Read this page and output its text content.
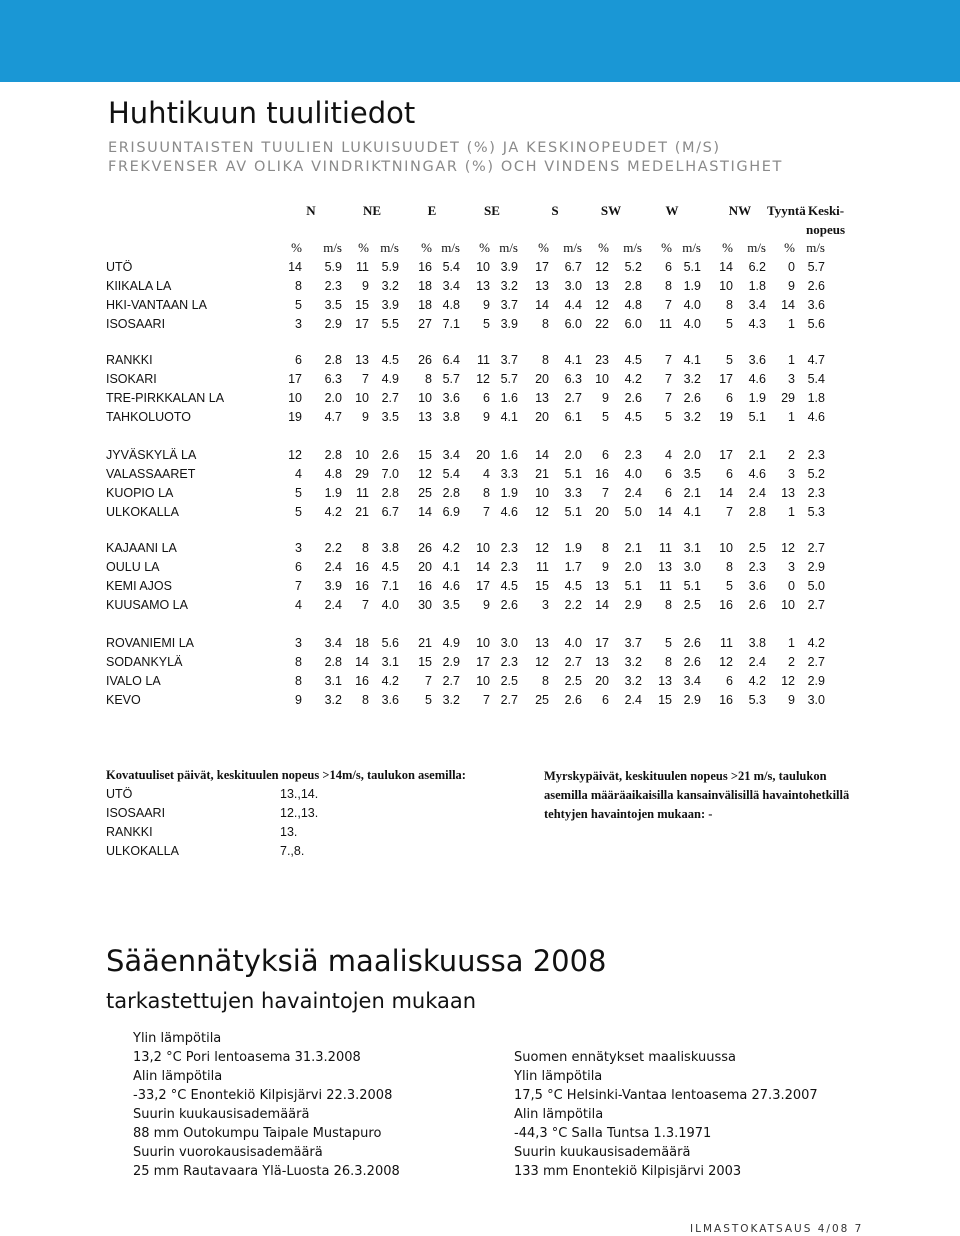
Huhtikuun tuulitiedot
ERISUUNTAISTEN TUULIEN LUKUISUUDET (%) JA KESKINOPEUDET (M/S)
FREKVENSER AV OLIKA VINDRIKTNINGAR (%) OCH VINDENS MEDELHASTIGHET
N	NE	E	SE	S	SW	W	NW Tyyntä Keski-
nopeus
%	m/s	% m/s	% m/s	% m/s	%	m/s	%	m/s	% m/s	%	m/s	% m/s
UTÖ	14	5.9	11	5.9	16 5.4	10 3.9	17	6.7	12	5.2	6 5.1	14	6.2	0	5.7
KIIKALA LA	8	2.3	9	3.2	18 3.4	13 3.2	13	3.0	13	2.8	8 1.9	10	1.8	9	2.6
HKI-VANTAAN LA	5	3.5	15	3.9	18 4.8	9 3.7	14	4.4	12	4.8	7 4.0	8	3.4	14	3.6
ISOSAARI	3	2.9	17	5.5	27 7.1	5 3.9	8	6.0	22	6.0	11 4.0	5	4.3	1	5.6
RANKKI	6	2.8	13	4.5	26 6.4	11 3.7	8	4.1	23	4.5	7 4.1	5	3.6	1	4.7
ISOKARI	17	6.3	7	4.9	8 5.7	12 5.7	20	6.3	10	4.2	7 3.2	17	4.6	3	5.4
TRE-PIRKKALAN LA	10	2.0	10	2.7	10 3.6	6 1.6	13	2.7	9	2.6	7 2.6	6	1.9	29	1.8
TAHKOLUOTO	19	4.7	9	3.5	13 3.8	9 4.1	20	6.1	5	4.5	5 3.2	19	5.1	1	4.6
JYVÄSKYLÄ LA	12	2.8	10	2.6	15 3.4	20 1.6	14	2.0	6	2.3	4 2.0	17	2.1	2	2.3
VALASSAARET	4	4.8	29	7.0	12 5.4	4 3.3	21	5.1	16	4.0	6 3.5	6	4.6	3	5.2
KUOPIO LA	5	1.9	11	2.8	25 2.8	8 1.9	10	3.3	7	2.4	6 2.1	14	2.4	13	2.3
ULKOKALLA	5	4.2	21	6.7	14 6.9	7 4.6	12	5.1	20	5.0	14 4.1	7	2.8	1	5.3
KAJAANI LA	3	2.2	8	3.8	26 4.2	10 2.3	12	1.9	8	2.1	11 3.1	10	2.5	12	2.7
OULU LA	6	2.4	16	4.5	20 4.1	14 2.3	11	1.7	9	2.0	13 3.0	8	2.3	3	2.9
KEMI AJOS	7	3.9	16	7.1	16 4.6	17 4.5	15	4.5	13	5.1	11 5.1	5	3.6	0	5.0
KUUSAMO LA	4	2.4	7	4.0	30 3.5	9 2.6	3	2.2	14	2.9	8 2.5	16	2.6	10	2.7
ROVANIEMI LA	3	3.4	18	5.6	21 4.9	10 3.0	13	4.0	17	3.7	5 2.6	11	3.8	1	4.2
SODANKYLÄ	8	2.8	14	3.1	15 2.9	17 2.3	12	2.7	13	3.2	8 2.6	12	2.4	2	2.7
IVALO LA	8	3.1	16	4.2	7 2.7	10 2.5	8	2.5	20	3.2	13 3.4	6	4.2	12	2.9
KEVO	9	3.2	8	3.6	5 3.2	7 2.7	25	2.6	6	2.4	15 2.9	16	5.3	9	3.0
Kovatuuliset päivät, keskituulen nopeus >14m/s, taulukon asemilla:
UTÖ	13.,14.
ISOSAARI	12.,13.
RANKKI	13.
ULKOKALLA	7.,8.
Myrskypäivät, keskituulen nopeus >21 m/s, taulukon
asemilla määräaikaisilla kansainvälisillä havaintohetkillä
tehtyjen havaintojen mukaan: -
Sääennätyksiä maaliskuussa 2008
tarkastettujen havaintojen mukaan
Ylin lämpötila
13,2 °C Pori lentoasema 31.3.2008
Alin lämpötila
-33,2 °C Enontekiö Kilpisjärvi 22.3.2008
Suurin kuukausisademäärä
88 mm Outokumpu Taipale Mustapuro
Suurin vuorokausisademäärä
25 mm Rautavaara Ylä-Luosta 26.3.2008
Suomen ennätykset maaliskuussa
Ylin lämpötila
17,5 °C Helsinki-Vantaa lentoasema 27.3.2007
Alin lämpötila
-44,3 °C Salla Tuntsa 1.3.1971
Suurin kuukausisademäärä
133 mm Enontekiö Kilpisjärvi 2003
ILMASTOKATSAUS 4/08 7
